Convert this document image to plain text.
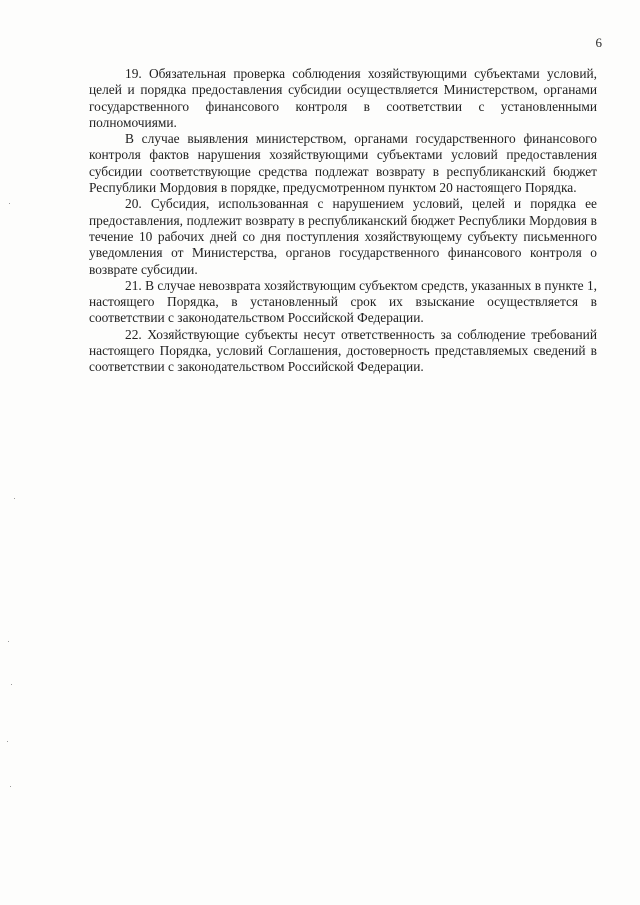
6

19. Обязательная проверка соблюдения хозяйствующими субъектами условий, целей и порядка предоставления субсидии осуществляется Министерством, органами государственного финансового контроля в соответствии с установленными полномочиями.

В случае выявления министерством, органами государственного финансового контроля фактов нарушения хозяйствующими субъектами условий предоставления субсидии соответствующие средства подлежат возврату в республиканский бюджет Республики Мордовия в порядке, предусмотренном пунктом 20 настоящего Порядка.

20. Субсидия, использованная с нарушением условий, целей и порядка ее предоставления, подлежит возврату в республиканский бюджет Республики Мордовия в течение 10 рабочих дней со дня поступления хозяйствующему субъекту письменного уведомления от Министерства, органов государственного финансового контроля о возврате субсидии.

21. В случае невозврата хозяйствующим субъектом средств, указанных в пункте 1, настоящего Порядка, в установленный срок их взыскание осуществляется в соответствии с законодательством Российской Федерации.

22. Хозяйствующие субъекты несут ответственность за соблюдение требований настоящего Порядка, условий Соглашения, достоверность представляемых сведений в соответствии с законодательством Российской Федерации.
